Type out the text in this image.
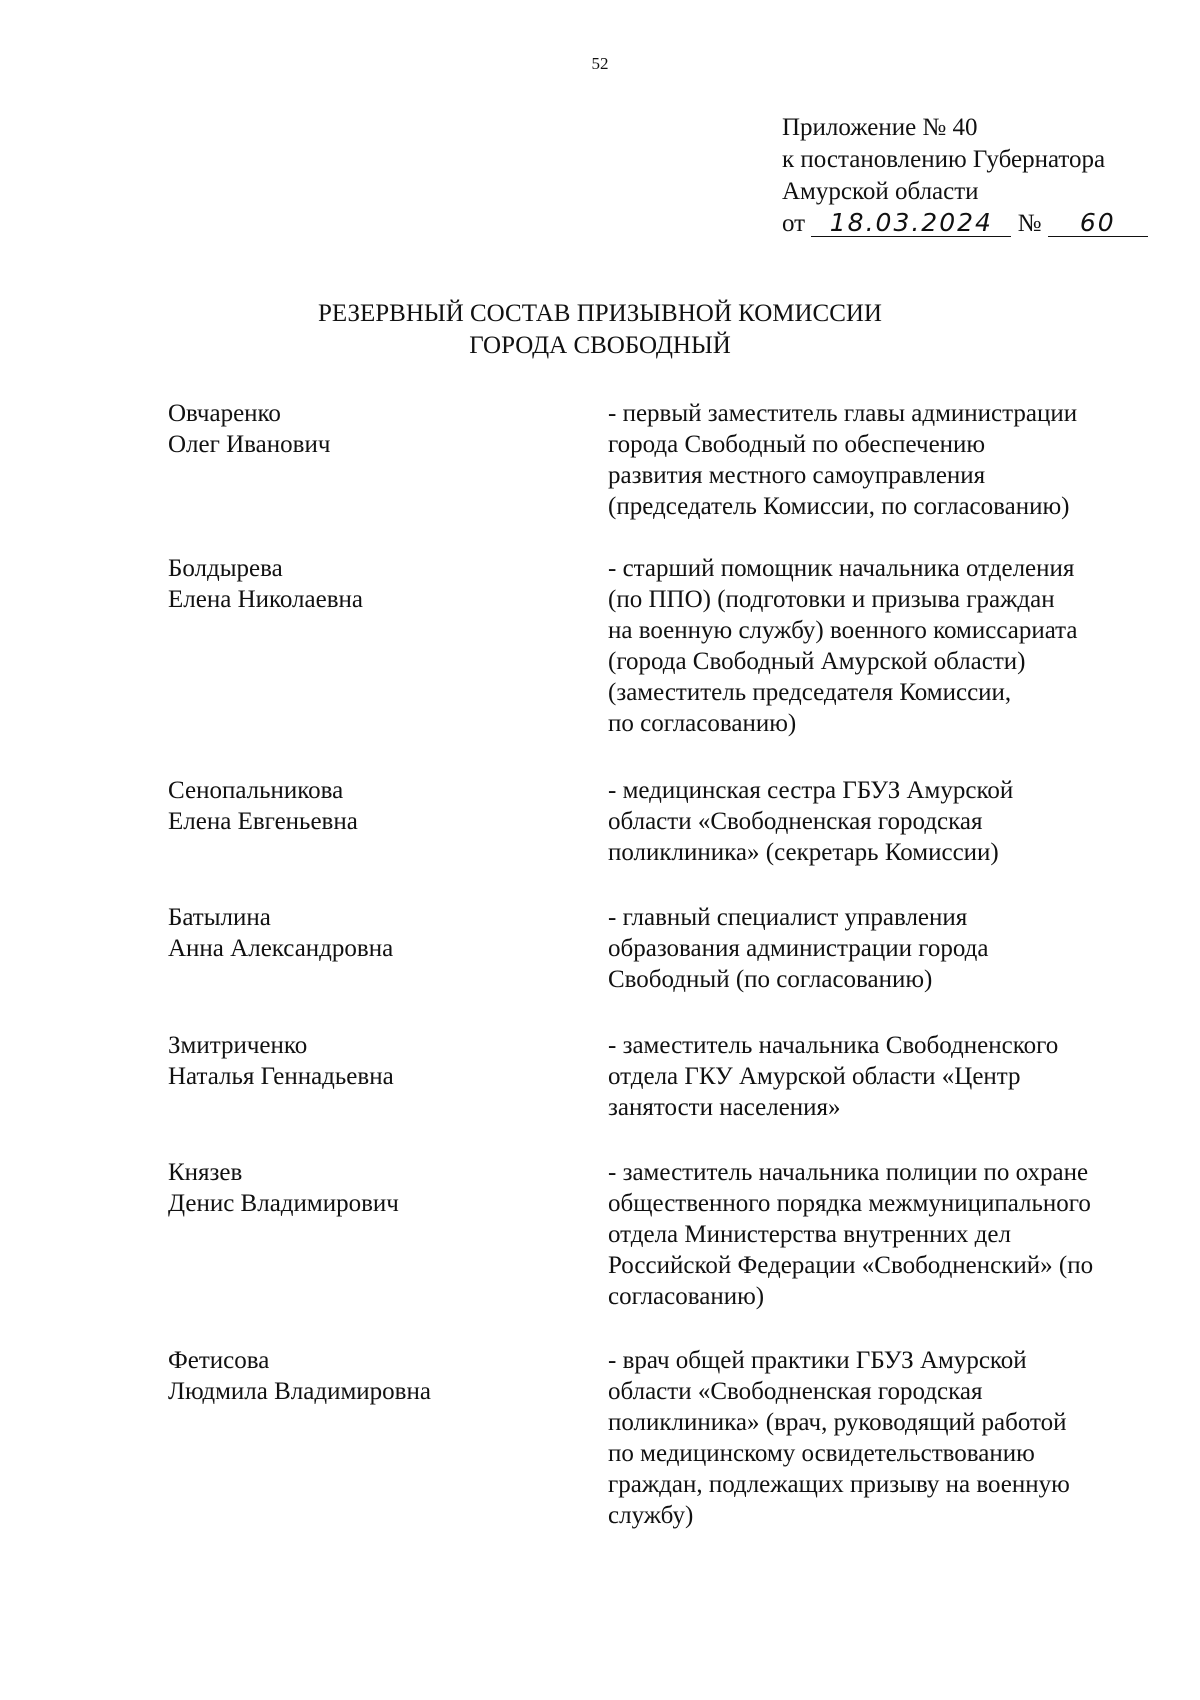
52
Приложение № 40
к постановлению Губернатора
Амурской области
от 18.03.2024 № 60
РЕЗЕРВНЫЙ СОСТАВ ПРИЗЫВНОЙ КОМИССИИ
ГОРОДА СВОБОДНЫЙ
Овчаренко
Олег Иванович
- первый заместитель главы администрации
города Свободный по обеспечению
развития местного самоуправления
(председатель Комиссии, по согласованию)
Болдырева
Елена Николаевна
- старший помощник начальника отделения
(по ППО) (подготовки и призыва граждан
на военную службу) военного комиссариата
(города Свободный Амурской области)
(заместитель председателя Комиссии,
по согласованию)
Сенопальникова
Елена Евгеньевна
- медицинская сестра ГБУЗ Амурской
области «Свободненская городская
поликлиника» (секретарь Комиссии)
Батылина
Анна Александровна
- главный специалист управления
образования администрации города
Свободный (по согласованию)
Змитриченко
Наталья Геннадьевна
- заместитель начальника Свободненского
отдела ГКУ Амурской области «Центр
занятости населения»
Князев
Денис Владимирович
- заместитель начальника полиции по охране
общественного порядка межмуниципального
отдела Министерства внутренних дел
Российской Федерации «Свободненский» (по
согласованию)
Фетисова
Людмила Владимировна
- врач общей практики ГБУЗ Амурской
области «Свободненская городская
поликлиника» (врач, руководящий работой
по медицинскому освидетельствованию
граждан, подлежащих призыву на военную
службу)
